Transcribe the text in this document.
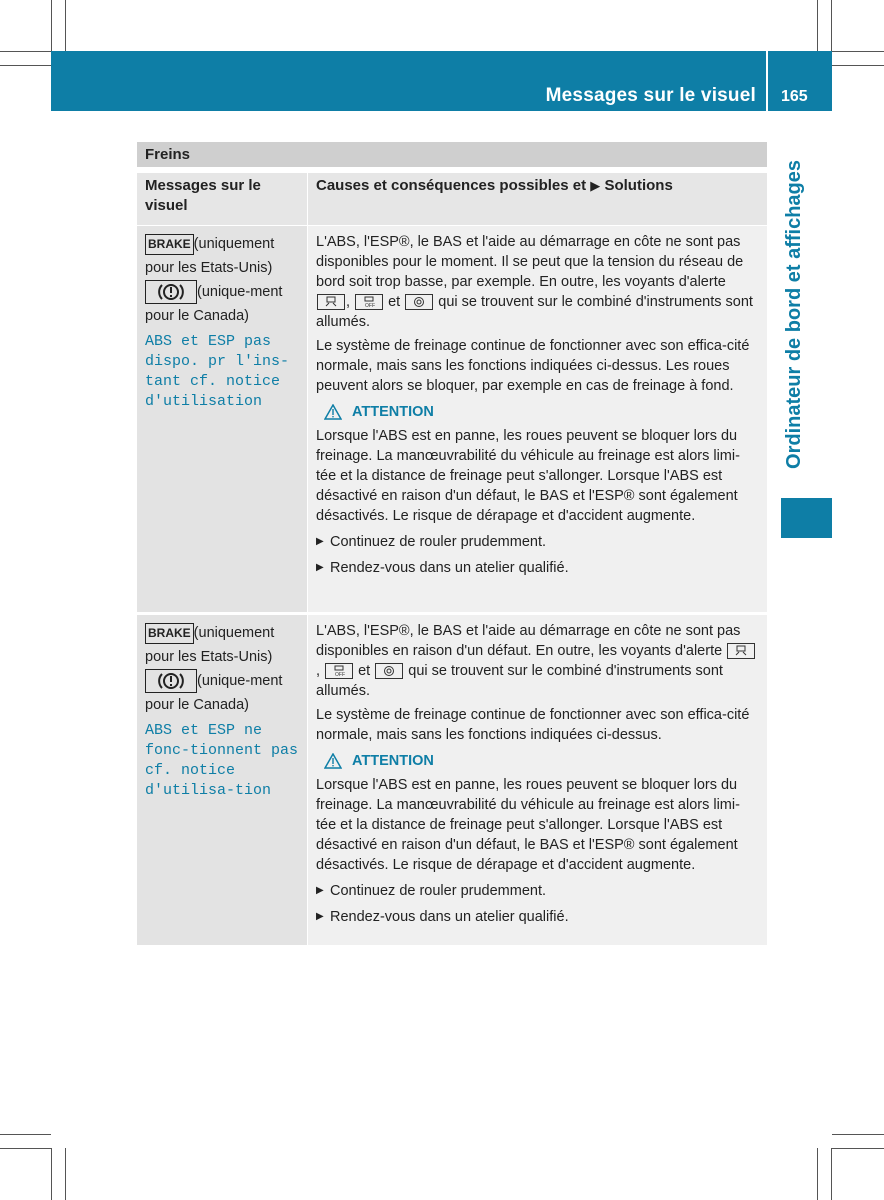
Messages sur le visuel 165
Ordinateur de bord et affichages
Freins
Messages sur le visuel
Causes et conséquences possibles et ▶ Solutions
BRAKE (uniquement pour les Etats-Unis)
(unique-ment pour le Canada)
ABS et ESP pas dispo. pr l'ins-tant cf. notice d'utilisation

L'ABS, l'ESP®, le BAS et l'aide au démarrage en côte ne sont pas disponibles pour le moment. Il se peut que la tension du réseau de bord soit trop basse, par exemple. En outre, les voyants d'alerte
, OFF et	qui se trouvent sur le combiné d'instruments sont allumés.

Le système de freinage continue de fonctionner avec son effica-cité normale, mais sans les fonctions indiquées ci-dessus. Les roues peuvent alors se bloquer, par exemple en cas de freinage à fond.

ATTENTION

Lorsque l'ABS est en panne, les roues peuvent se bloquer lors du freinage. La manœuvrabilité du véhicule au freinage est alors limi-tée et la distance de freinage peut s'allonger. Lorsque l'ABS est désactivé en raison d'un défaut, le BAS et l'ESP® sont également désactivés. Le risque de dérapage et d'accident augmente.

▶ Continuez de rouler prudemment.
▶ Rendez-vous dans un atelier qualifié.
BRAKE (uniquement pour les Etats-Unis)
(unique-ment pour le Canada)
ABS et ESP ne fonc-tionnent pas cf. notice d'utilisa-tion

L'ABS, l'ESP®, le BAS et l'aide au démarrage en côte ne sont pas disponibles en raison d'un défaut. En outre, les voyants d'alerte
, OFF et	qui se trouvent sur le combiné d'instruments sont allumés.

Le système de freinage continue de fonctionner avec son effica-cité normale, mais sans les fonctions indiquées ci-dessus.

ATTENTION

Lorsque l'ABS est en panne, les roues peuvent se bloquer lors du freinage. La manœuvrabilité du véhicule au freinage est alors limi-tée et la distance de freinage peut s'allonger. Lorsque l'ABS est désactivé en raison d'un défaut, le BAS et l'ESP® sont également désactivés. Le risque de dérapage et d'accident augmente.

▶ Continuez de rouler prudemment.
▶ Rendez-vous dans un atelier qualifié.
